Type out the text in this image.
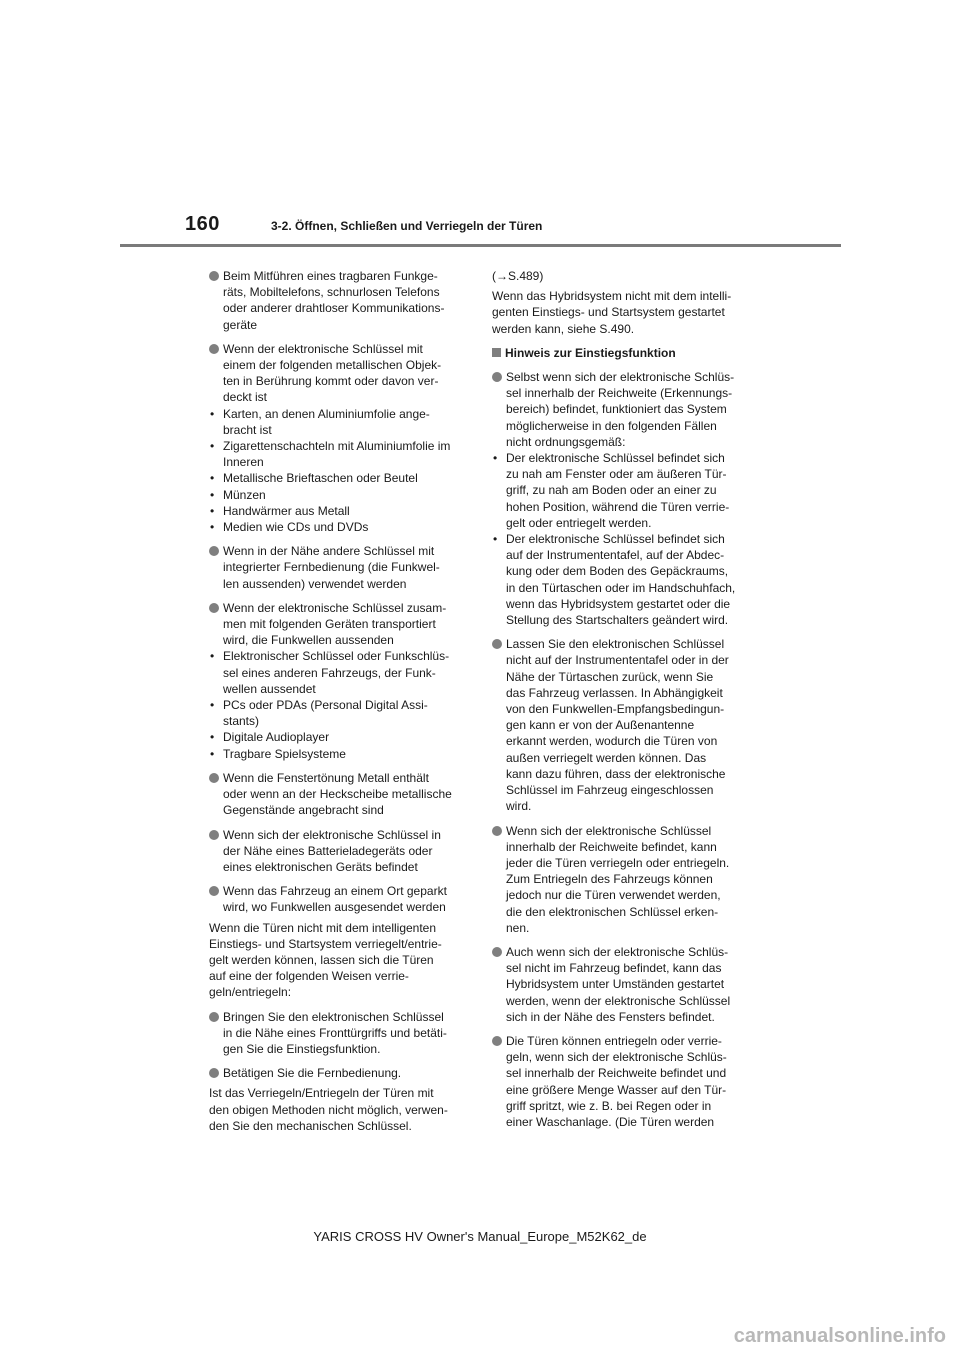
160	3-2. Öffnen, Schließen und Verriegeln der Türen
Beim Mitführen eines tragbaren Funkge-
räts, Mobiltelefons, schnurlosen Telefons
oder anderer drahtloser Kommunikations-
geräte
Wenn der elektronische Schlüssel mit
einem der folgenden metallischen Objek-
ten in Berührung kommt oder davon ver-
deckt ist
• Karten, an denen Aluminiumfolie ange-
bracht ist
• Zigarettenschachteln mit Aluminiumfolie im
Inneren
• Metallische Brieftaschen oder Beutel
• Münzen
• Handwärmer aus Metall
• Medien wie CDs und DVDs
Wenn in der Nähe andere Schlüssel mit
integrierter Fernbedienung (die Funkwel-
len aussenden) verwendet werden
Wenn der elektronische Schlüssel zusam-
men mit folgenden Geräten transportiert
wird, die Funkwellen aussenden
• Elektronischer Schlüssel oder Funkschlüs-
sel eines anderen Fahrzeugs, der Funk-
wellen aussendet
• PCs oder PDAs (Personal Digital Assi-
stants)
• Digitale Audioplayer
• Tragbare Spielsysteme
Wenn die Fenstertönung Metall enthält
oder wenn an der Heckscheibe metallische
Gegenstände angebracht sind
Wenn sich der elektronische Schlüssel in
der Nähe eines Batterieladegeräts oder
eines elektronischen Geräts befindet
Wenn das Fahrzeug an einem Ort geparkt
wird, wo Funkwellen ausgesendet werden
Wenn die Türen nicht mit dem intelligenten
Einstiegs- und Startsystem verriegelt/entrie-
gelt werden können, lassen sich die Türen
auf eine der folgenden Weisen verrie-
geln/entriegeln:
Bringen Sie den elektronischen Schlüssel
in die Nähe eines Fronttürgriffs und betäti-
gen Sie die Einstiegsfunktion.
Betätigen Sie die Fernbedienung.
Ist das Verriegeln/Entriegeln der Türen mit
den obigen Methoden nicht möglich, verwen-
den Sie den mechanischen Schlüssel.
(→S.489)
Wenn das Hybridsystem nicht mit dem intelli-
genten Einstiegs- und Startsystem gestartet
werden kann, siehe S.490.
Hinweis zur Einstiegsfunktion
Selbst wenn sich der elektronische Schlüs-
sel innerhalb der Reichweite (Erkennungs-
bereich) befindet, funktioniert das System
möglicherweise in den folgenden Fällen
nicht ordnungsgemäß:
• Der elektronische Schlüssel befindet sich
zu nah am Fenster oder am äußeren Tür-
griff, zu nah am Boden oder an einer zu
hohen Position, während die Türen verrie-
gelt oder entriegelt werden.
• Der elektronische Schlüssel befindet sich
auf der Instrumententafel, auf der Abdec-
kung oder dem Boden des Gepäckraums,
in den Türtaschen oder im Handschuhfach,
wenn das Hybridsystem gestartet oder die
Stellung des Startschalters geändert wird.
Lassen Sie den elektronischen Schlüssel
nicht auf der Instrumententafel oder in der
Nähe der Türtaschen zurück, wenn Sie
das Fahrzeug verlassen. In Abhängigkeit
von den Funkwellen-Empfangsbedingun-
gen kann er von der Außenantenne
erkannt werden, wodurch die Türen von
außen verriegelt werden können. Das
kann dazu führen, dass der elektronische
Schlüssel im Fahrzeug eingeschlossen
wird.
Wenn sich der elektronische Schlüssel
innerhalb der Reichweite befindet, kann
jeder die Türen verriegeln oder entriegeln.
Zum Entriegeln des Fahrzeugs können
jedoch nur die Türen verwendet werden,
die den elektronischen Schlüssel erken-
nen.
Auch wenn sich der elektronische Schlüs-
sel nicht im Fahrzeug befindet, kann das
Hybridsystem unter Umständen gestartet
werden, wenn der elektronische Schlüssel
sich in der Nähe des Fensters befindet.
Die Türen können entriegeln oder verrie-
geln, wenn sich der elektronische Schlüs-
sel innerhalb der Reichweite befindet und
eine größere Menge Wasser auf den Tür-
griff spritzt, wie z. B. bei Regen oder in
einer Waschanlage. (Die Türen werden
YARIS CROSS HV Owner's Manual_Europe_M52K62_de
carmanualsonline.info
